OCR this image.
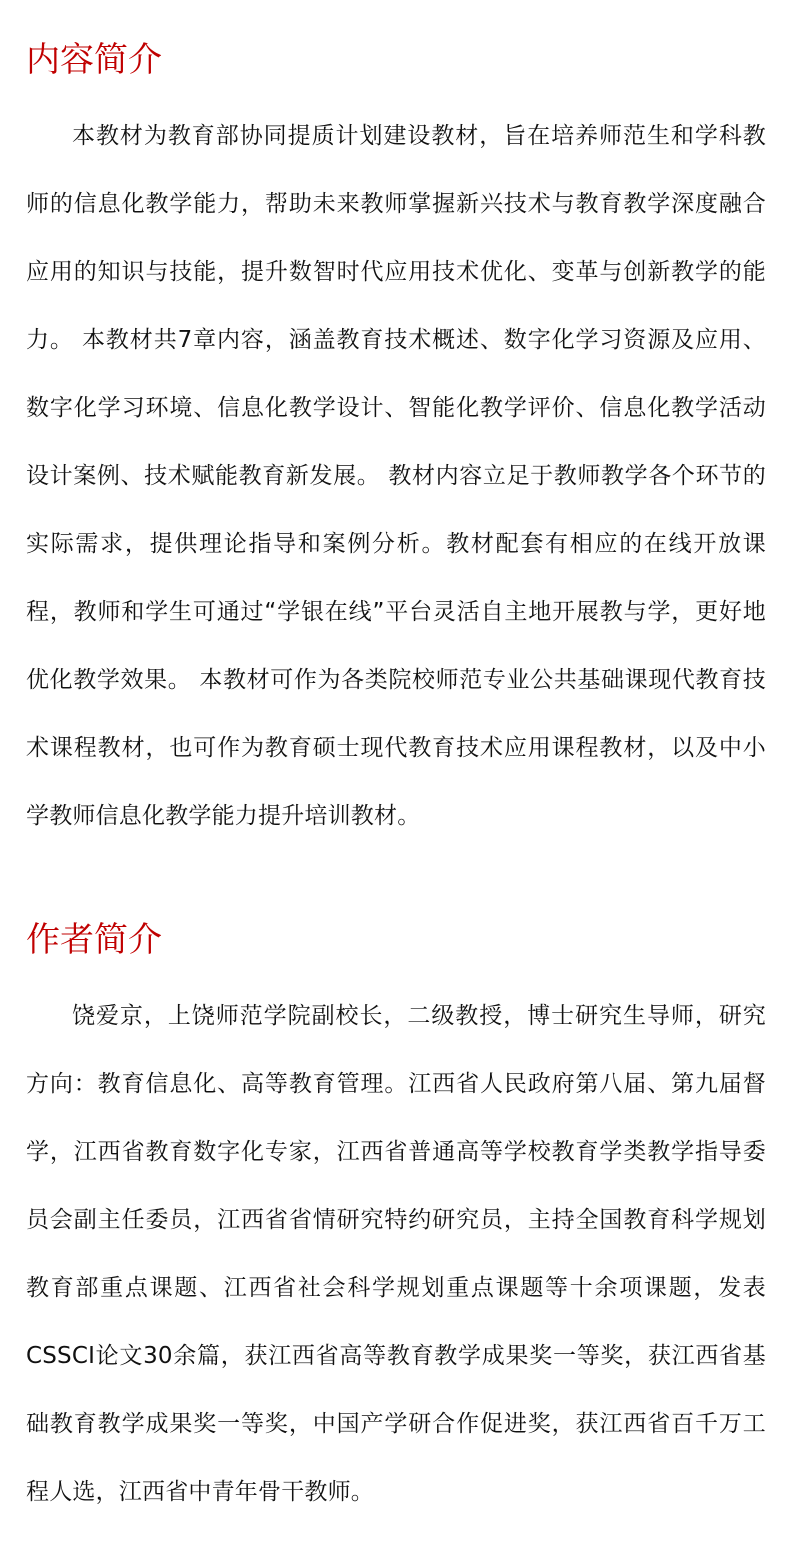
内容简介

本教材为教育部协同提质计划建设教材，旨在培养师范生和学科教师的信息化教学能力，帮助未来教师掌握新兴技术与教育教学深度融合应用的知识与技能，提升数智时代应用技术优化、变革与创新教学的能力。 本教材共7章内容，涵盖教育技术概述、数字化学习资源及应用、数字化学习环境、信息化教学设计、智能化教学评价、信息化教学活动设计案例、技术赋能教育新发展。 教材内容立足于教师教学各个环节的实际需求，提供理论指导和案例分析。教材配套有相应的在线开放课程，教师和学生可通过“学银在线”平台灵活自主地开展教与学，更好地优化教学效果。 本教材可作为各类院校师范专业公共基础课现代教育技术课程教材，也可作为教育硕士现代教育技术应用课程教材，以及中小学教师信息化教学能力提升培训教材。

作者简介

饶爱京，上饶师范学院副校长，二级教授，博士研究生导师，研究方向：教育信息化、高等教育管理。江西省人民政府第八届、第九届督学，江西省教育数字化专家，江西省普通高等学校教育学类教学指导委员会副主任委员，江西省省情研究特约研究员，主持全国教育科学规划教育部重点课题、江西省社会科学规划重点课题等十余项课题，发表CSSCI论文30余篇，获江西省高等教育教学成果奖一等奖，获江西省基础教育教学成果奖一等奖，中国产学研合作促进奖，获江西省百千万工程人选，江西省中青年骨干教师。
